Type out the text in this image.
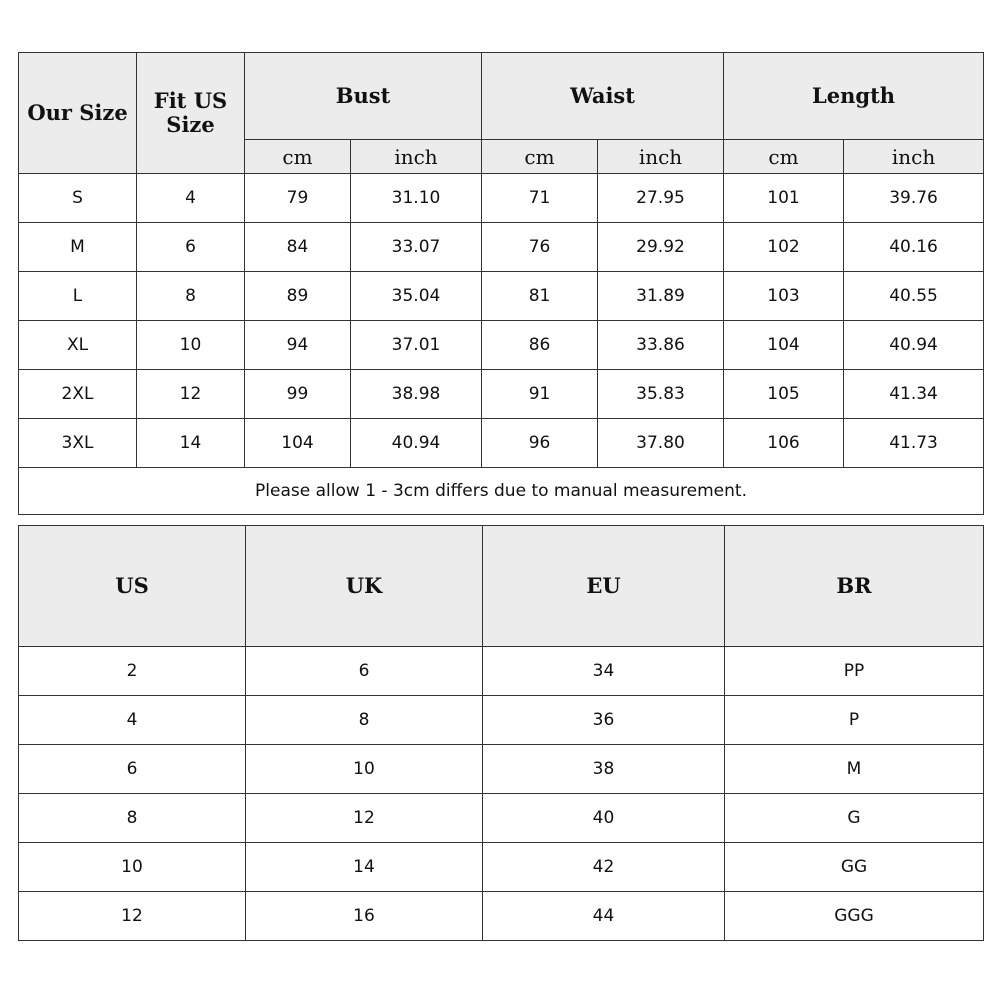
Our Size	Fit US Size	Bust		Waist		Length	
		cm	inch	cm	inch	cm	inch
S	4	79	31.10	71	27.95	101	39.76
M	6	84	33.07	76	29.92	102	40.16
L	8	89	35.04	81	31.89	103	40.55
XL	10	94	37.01	86	33.86	104	40.94
2XL	12	99	38.98	91	35.83	105	41.34
3XL	14	104	40.94	96	37.80	106	41.73
Please allow 1 - 3cm differs due to manual measurement.							
US	UK	EU	BR
2	6	34	PP
4	8	36	P
6	10	38	M
8	12	40	G
10	14	42	GG
12	16	44	GGG
